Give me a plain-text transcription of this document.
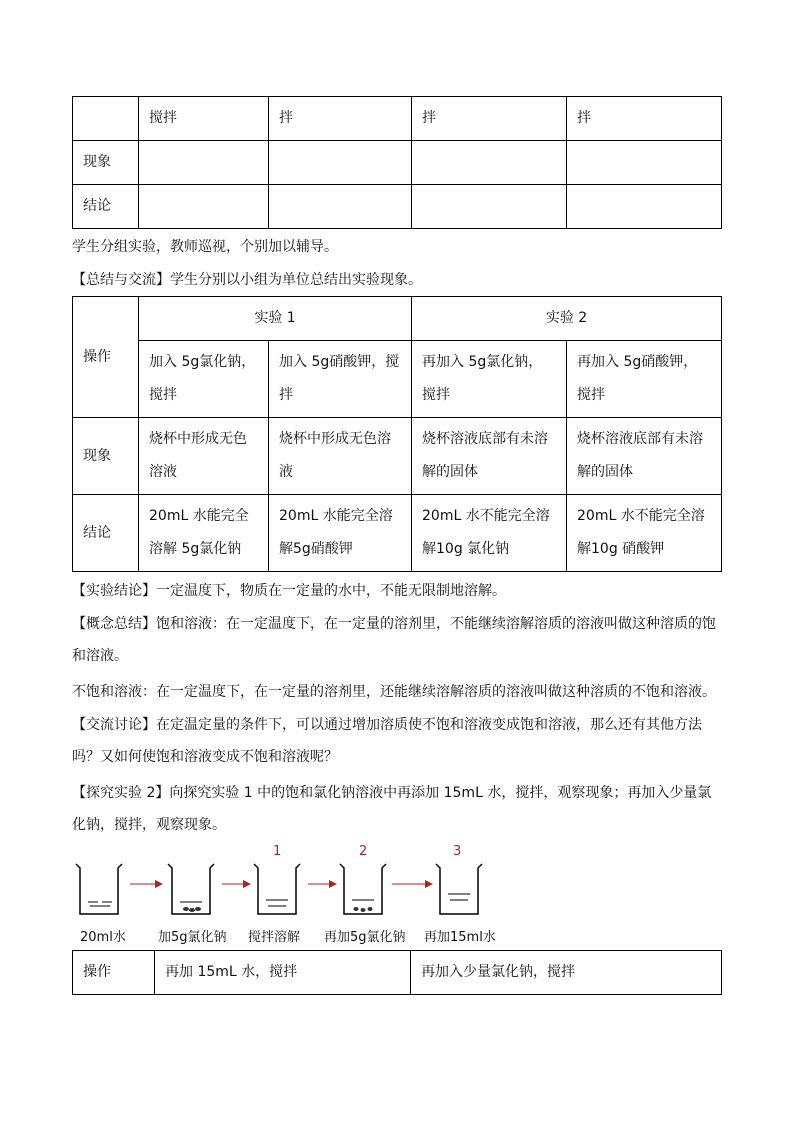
	搅拌	拌	拌	拌
现象				
结论				

学生分组实验，教师巡视，个别加以辅导。

【总结与交流】学生分别以小组为单位总结出实验现象。

操作	实验 1		实验 2	
	加入 5g氯化钠，搅拌	加入 5g硝酸钾，搅拌	再加入 5g氯化钠，搅拌	再加入 5g硝酸钾，搅拌
现象	烧杯中形成无色溶液	烧杯中形成无色溶液	烧杯溶液底部有未溶解的固体	烧杯溶液底部有未溶解的固体
结论	20mL 水能完全溶解 5g氯化钠	20mL 水能完全溶解5g硝酸钾	20mL 水不能完全溶解10g 氯化钠	20mL 水不能完全溶解10g 硝酸钾

【实验结论】一定温度下，物质在一定量的水中，不能无限制地溶解。

【概念总结】饱和溶液：在一定温度下，在一定量的溶剂里，不能继续溶解溶质的溶液叫做这种溶质的饱和溶液。

不饱和溶液：在一定温度下，在一定量的溶剂里，还能继续溶解溶质的溶液叫做这种溶质的不饱和溶液。

【交流讨论】在定温定量的条件下，可以通过增加溶质使不饱和溶液变成饱和溶液，那么还有其他方法吗？又如何使饱和溶液变成不饱和溶液呢？

【探究实验 2】向探究实验 1 中的饱和氯化钠溶液中再添加 15mL 水，搅拌，观察现象；再加入少量氯化钠，搅拌，观察现象。

1	2	3
20ml水 加5g氯化钠 搅拌溶解 再加5g氯化钠 再加15ml水
操作	再加 15mL 水，搅拌	再加入少量氯化钠，搅拌
